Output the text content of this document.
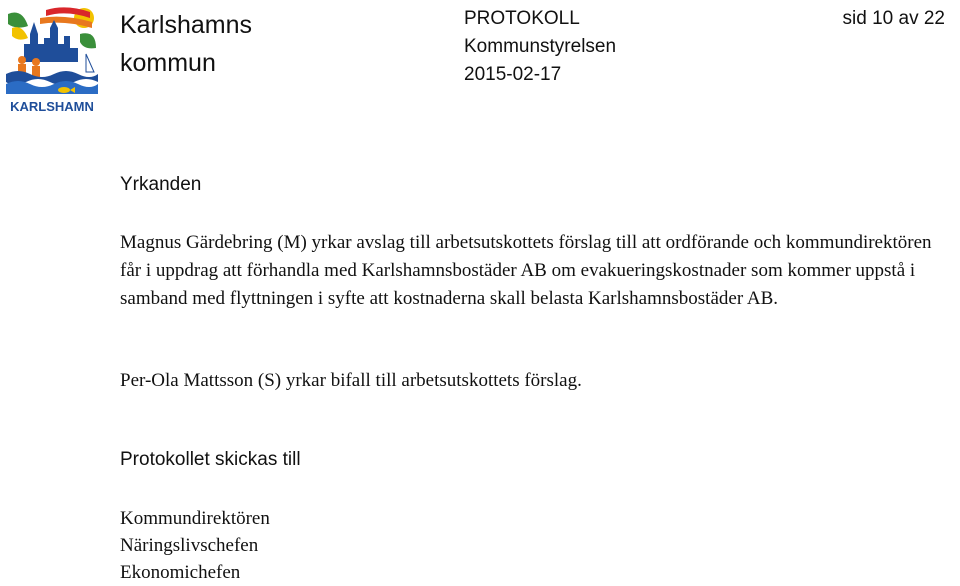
KARLSHAMN
Karlshamns
kommun
PROTOKOLL
Kommunstyrelsen
2015-02-17
sid 10 av 22
Yrkanden

Magnus Gärdebring (M) yrkar avslag till arbetsutskottets förslag till att ordförande och kommundirektören får i uppdrag att förhandla med Karlshamnsbostäder AB om evakueringskostnader som kommer uppstå i samband med flyttningen i syfte att kostnaderna skall belasta Karlshamnsbostäder AB.

Per-Ola Mattsson (S) yrkar bifall till arbetsutskottets förslag.

Protokollet skickas till
Kommundirektören
Näringslivschefen
Ekonomichefen
